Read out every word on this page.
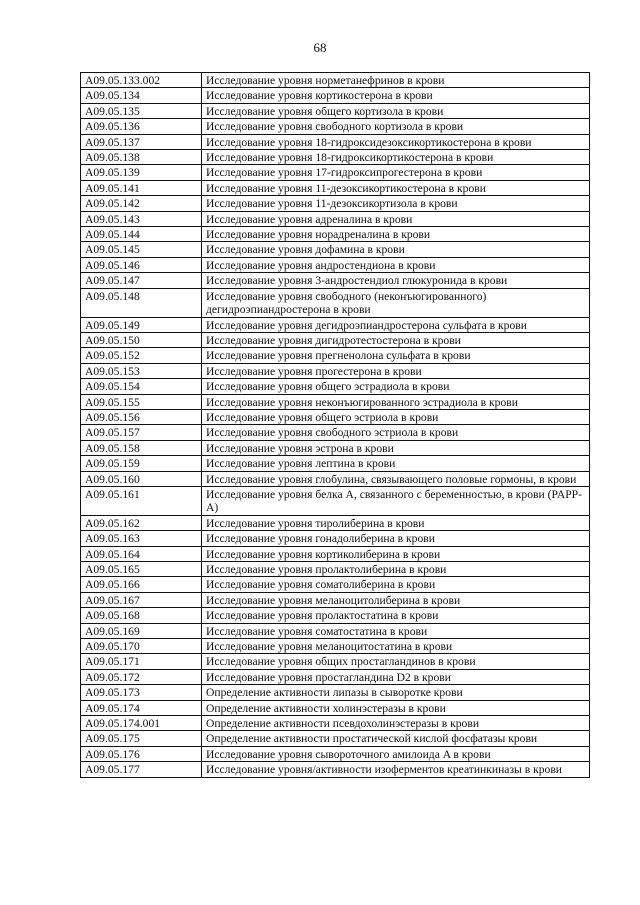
68
A09.05.133.002	Исследование уровня норметанефринов в крови
A09.05.134	Исследование уровня кортикостерона в крови
A09.05.135	Исследование уровня общего кортизола в крови
A09.05.136	Исследование уровня свободного кортизола в крови
A09.05.137	Исследование уровня 18-гидроксидезоксикортикостерона в крови
A09.05.138	Исследование уровня 18-гидроксикортикостерона в крови
A09.05.139	Исследование уровня 17-гидроксипрогестерона в крови
A09.05.141	Исследование уровня 11-дезоксикортикостерона в крови
A09.05.142	Исследование уровня 11-дезоксикортизола в крови
A09.05.143	Исследование уровня адреналина в крови
A09.05.144	Исследование уровня норадреналина в крови
A09.05.145	Исследование уровня дофамина в крови
A09.05.146	Исследование уровня андростендиона в крови
A09.05.147	Исследование уровня 3-андростендиол глюкуронида в крови
A09.05.148	Исследование уровня свободного (неконъюгированного) дегидроэпиандростерона в крови
A09.05.149	Исследование уровня дегидроэпиандростерона сульфата в крови
A09.05.150	Исследование уровня дигидротестостерона в крови
A09.05.152	Исследование уровня прегненолона сульфата в крови
A09.05.153	Исследование уровня прогестерона в крови
A09.05.154	Исследование уровня общего эстрадиола в крови
A09.05.155	Исследование уровня неконъюгированного эстрадиола в крови
A09.05.156	Исследование уровня общего эстриола в крови
A09.05.157	Исследование уровня свободного эстриола в крови
A09.05.158	Исследование уровня эстрона в крови
A09.05.159	Исследование уровня лептина в крови
A09.05.160	Исследование уровня глобулина, связывающего половые гормоны, в крови
A09.05.161	Исследование уровня белка A, связанного с беременностью, в крови (PAPP-A)
A09.05.162	Исследование уровня тиролиберина в крови
A09.05.163	Исследование уровня гонадолиберина в крови
A09.05.164	Исследование уровня кортиколиберина в крови
A09.05.165	Исследование уровня пролактолиберина в крови
A09.05.166	Исследование уровня соматолиберина в крови
A09.05.167	Исследование уровня меланоцитолиберина в крови
A09.05.168	Исследование уровня пролактостатина в крови
A09.05.169	Исследование уровня соматостатина в крови
A09.05.170	Исследование уровня меланоцитостатина в крови
A09.05.171	Исследование уровня общих простагландинов в крови
A09.05.172	Исследование уровня простагландина D2 в крови
A09.05.173	Определение активности липазы в сыворотке крови
A09.05.174	Определение активности холинэстеразы в крови
A09.05.174.001	Определение активности псевдохолинэстеразы в крови
A09.05.175	Определение активности простатической кислой фосфатазы крови
A09.05.176	Исследование уровня сывороточного амилоида A в крови
A09.05.177	Исследование уровня/активности изоферментов креатинкиназы в крови
